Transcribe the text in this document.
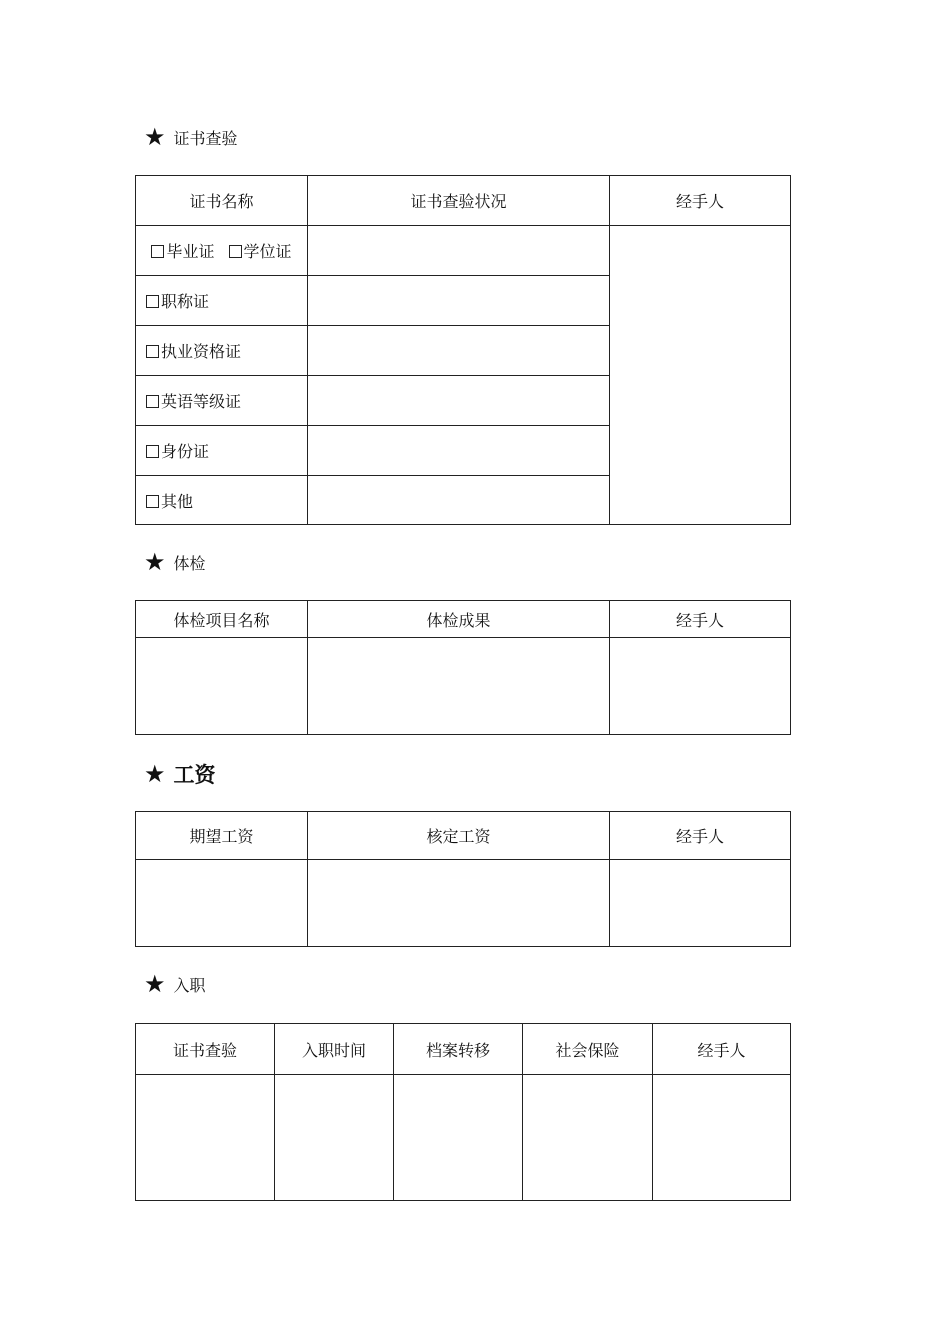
★ 证书查验
证书名称	证书查验状况	经手人
毕业证 学位证		
职称证		
执业资格证		
英语等级证		
身份证		
其他		
★ 体检
体检项目名称	体检成果	经手人

★ 工资
期望工资	核定工资	经手人

★ 入职
证书查验	入职时间	档案转移	社会保险	经手人
